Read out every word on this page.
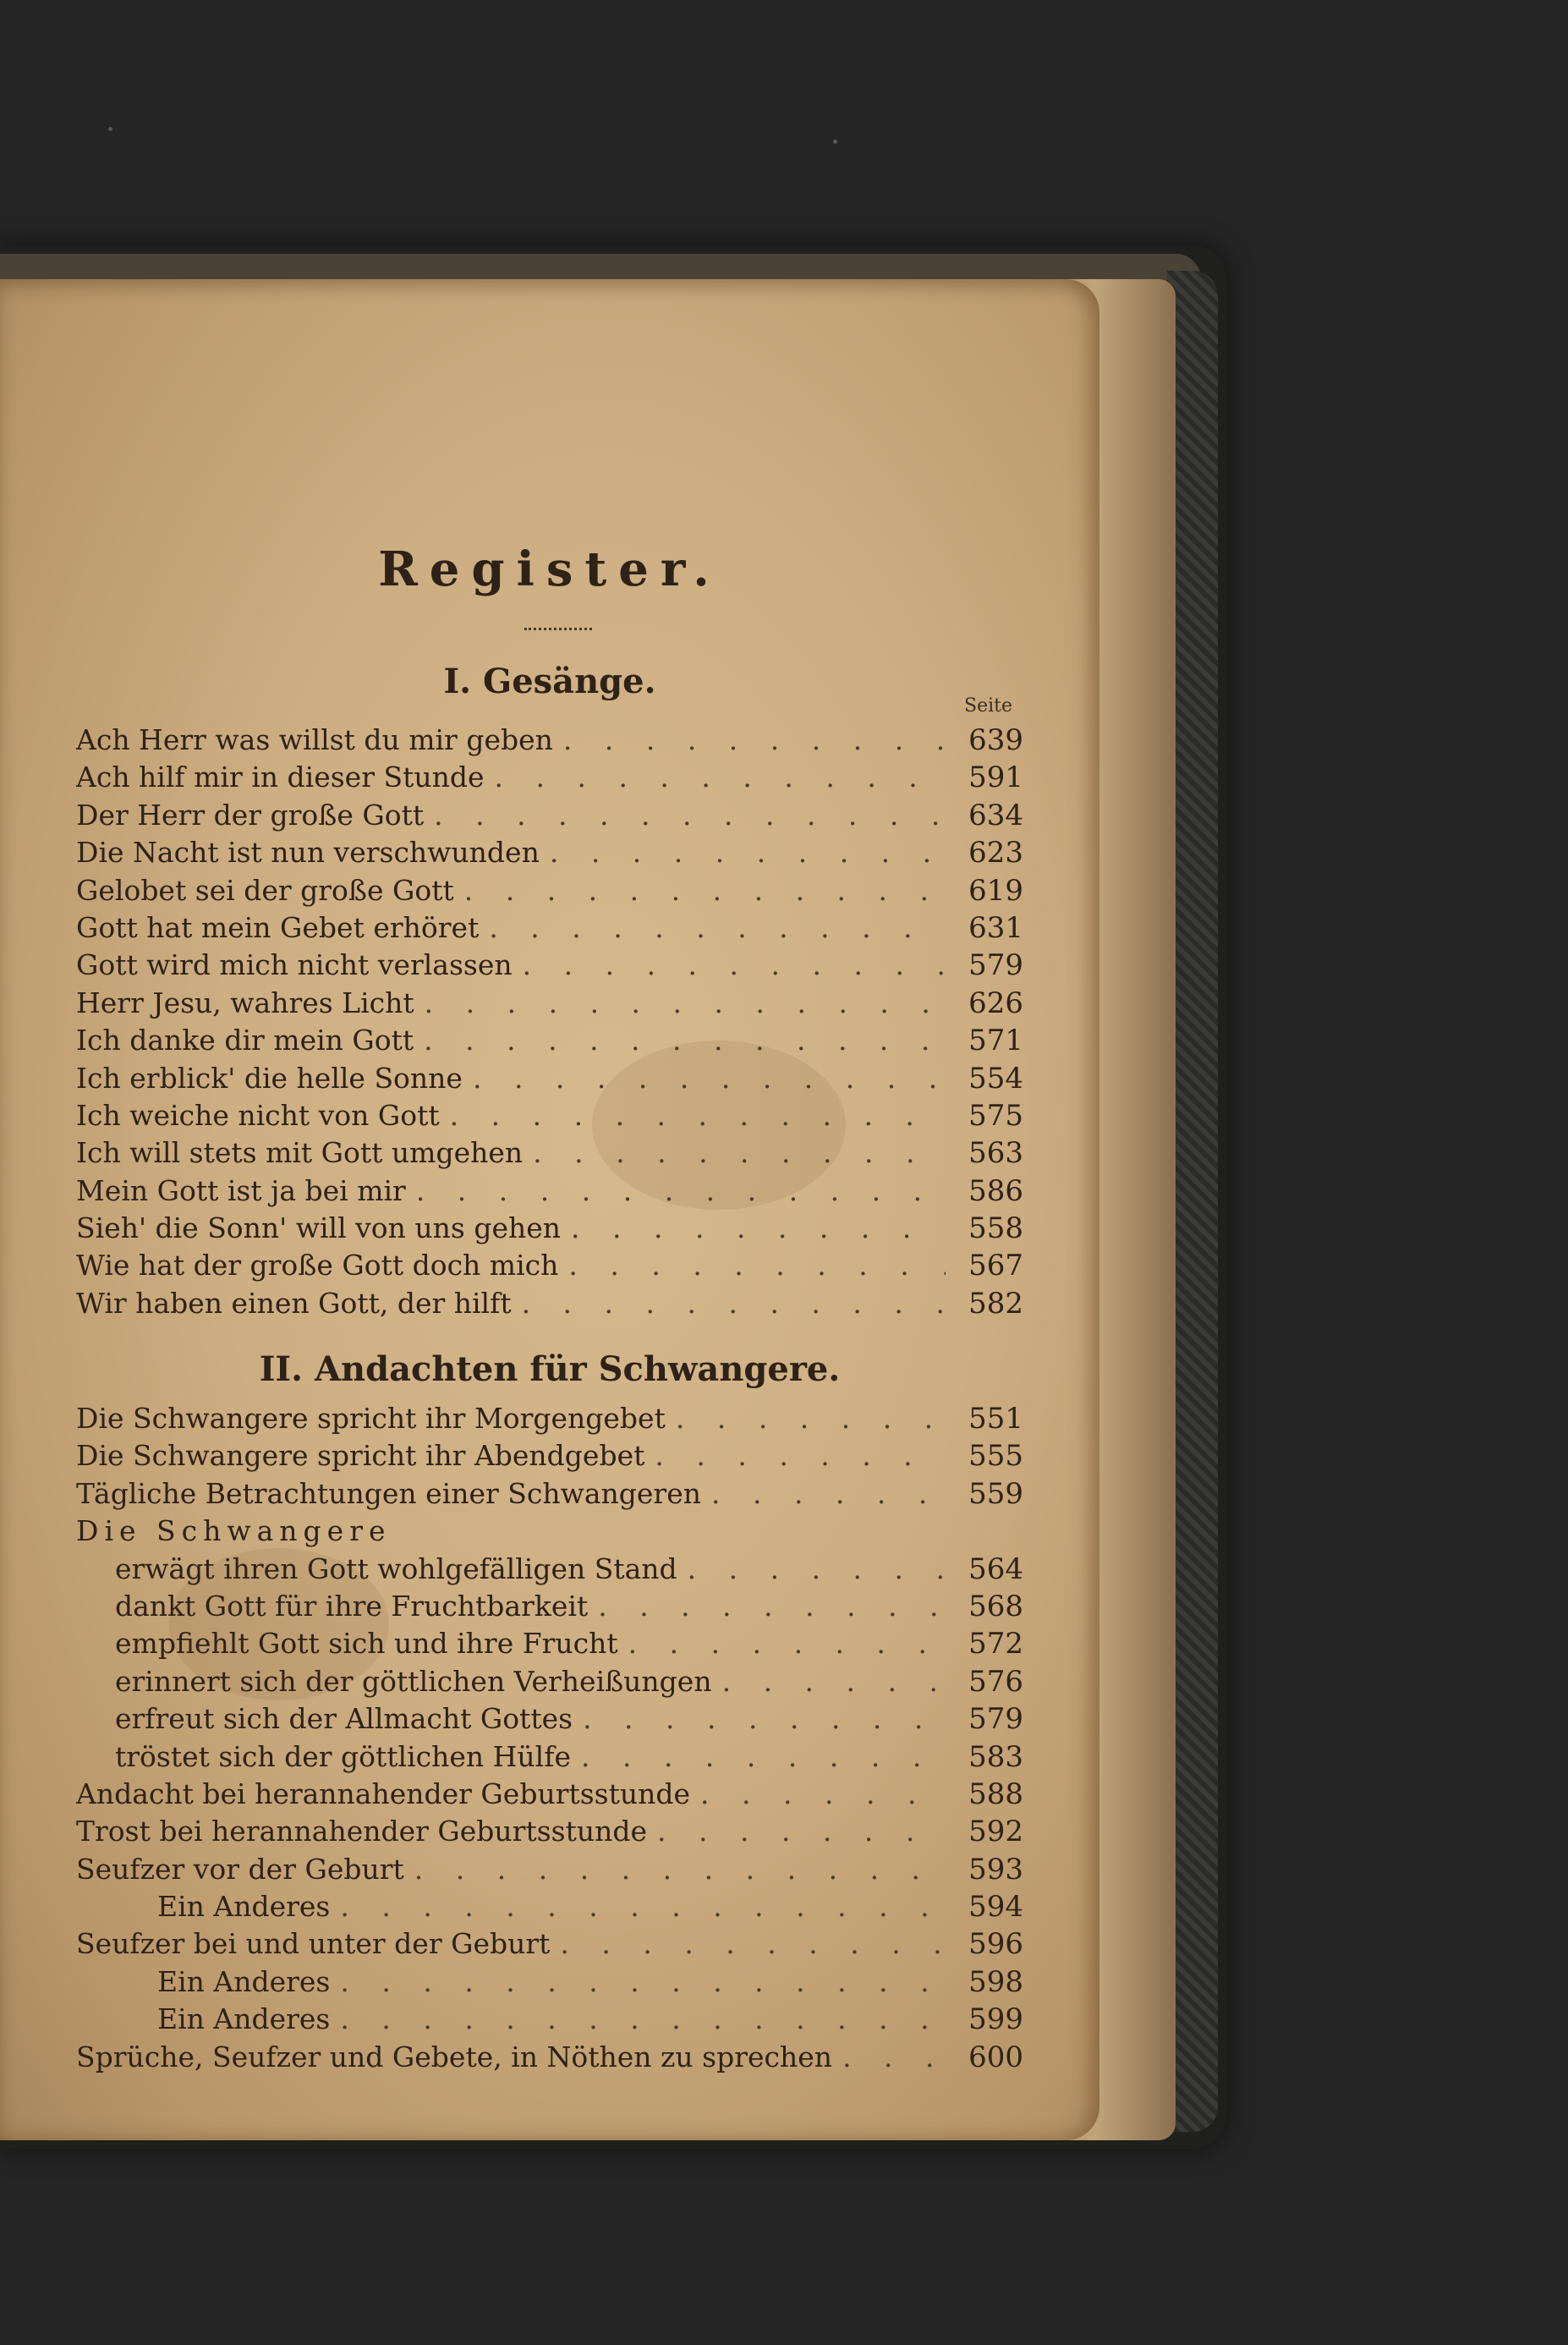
Register.
I. Gesänge.
Seite
Ach Herr was willst du mir geben . . .	639
Ach hilf mir in dieser Stunde . . .	591
Der Herr der große Gott . . .	634
Die Nacht ist nun verschwunden . . .	623
Gelobet sei der große Gott . . .	619
Gott hat mein Gebet erhöret . . .	631
Gott wird mich nicht verlassen . . .	579
Herr Jesu, wahres Licht . . .	626
Ich danke dir mein Gott . . .	571
Ich erblick' die helle Sonne . . .	554
Ich weiche nicht von Gott . . .	575
Ich will stets mit Gott umgehen . . .	563
Mein Gott ist ja bei mir . . .	586
Sieh' die Sonn' will von uns gehen . . .	558
Wie hat der große Gott doch mich . . .	567
Wir haben einen Gott, der hilft . . .	582
II. Andachten für Schwangere.
Die Schwangere spricht ihr Morgengebet . . .	551
Die Schwangere spricht ihr Abendgebet . . .	555
Tägliche Betrachtungen einer Schwangeren . . .	559
Die Schwangere
erwägt ihren Gott wohlgefälligen Stand . . .	564
dankt Gott für ihre Fruchtbarkeit . . .	568
empfiehlt Gott sich und ihre Frucht . . .	572
erinnert sich der göttlichen Verheißungen . . .	576
erfreut sich der Allmacht Gottes . . .	579
tröstet sich der göttlichen Hülfe . . .	583
Andacht bei herannahender Geburtsstunde . . .	588
Trost bei herannahender Geburtsstunde . . .	592
Seufzer vor der Geburt . . .	593
Ein Anderes . . .	594
Seufzer bei und unter der Geburt . . .	596
Ein Anderes . . .	598
Ein Anderes . . .	599
Sprüche, Seufzer und Gebete, in Nöthen zu sprechen . . .	600
